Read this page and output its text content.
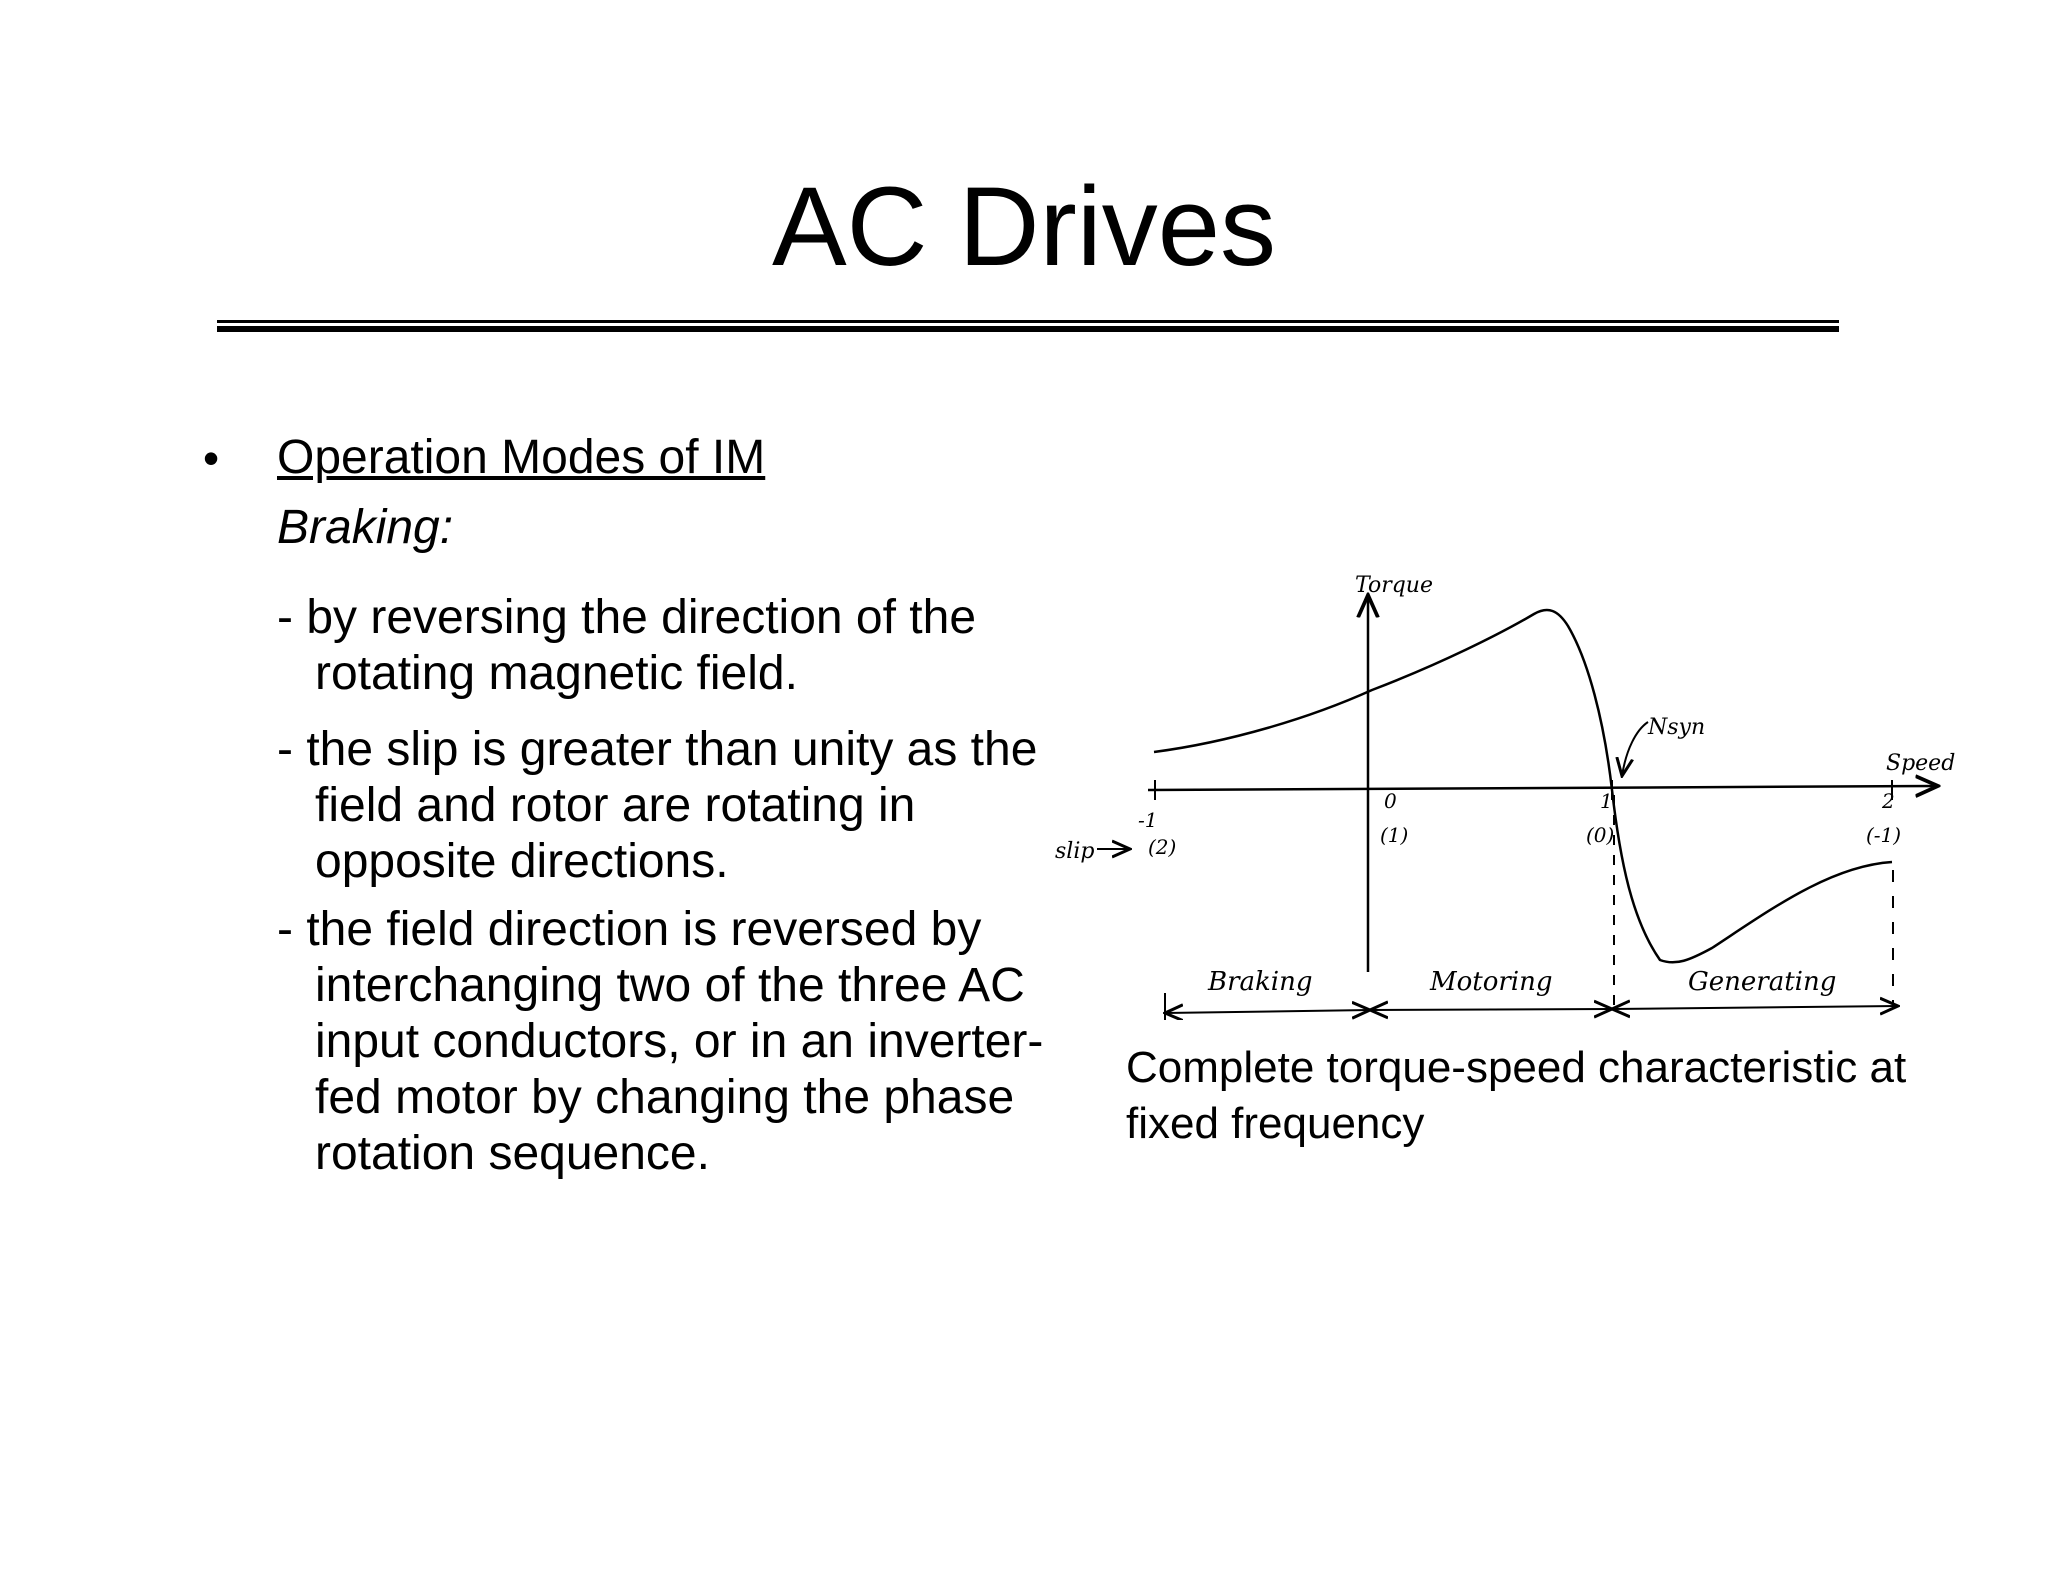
AC Drives
• Operation Modes of IM
Braking:
- by reversing the direction of the rotating magnetic field.
- the slip is greater than unity as the field and rotor are rotating in opposite directions.
- the field direction is reversed by interchanging two of the three AC input conductors, or in an inverter-fed motor by changing the phase rotation sequence.
Torque
Speed
Nsyn
slip
-1
(2)
0
(1)
1
(0)
2
(-1)
Braking	Motoring	Generating
Complete torque-speed characteristic at fixed frequency
